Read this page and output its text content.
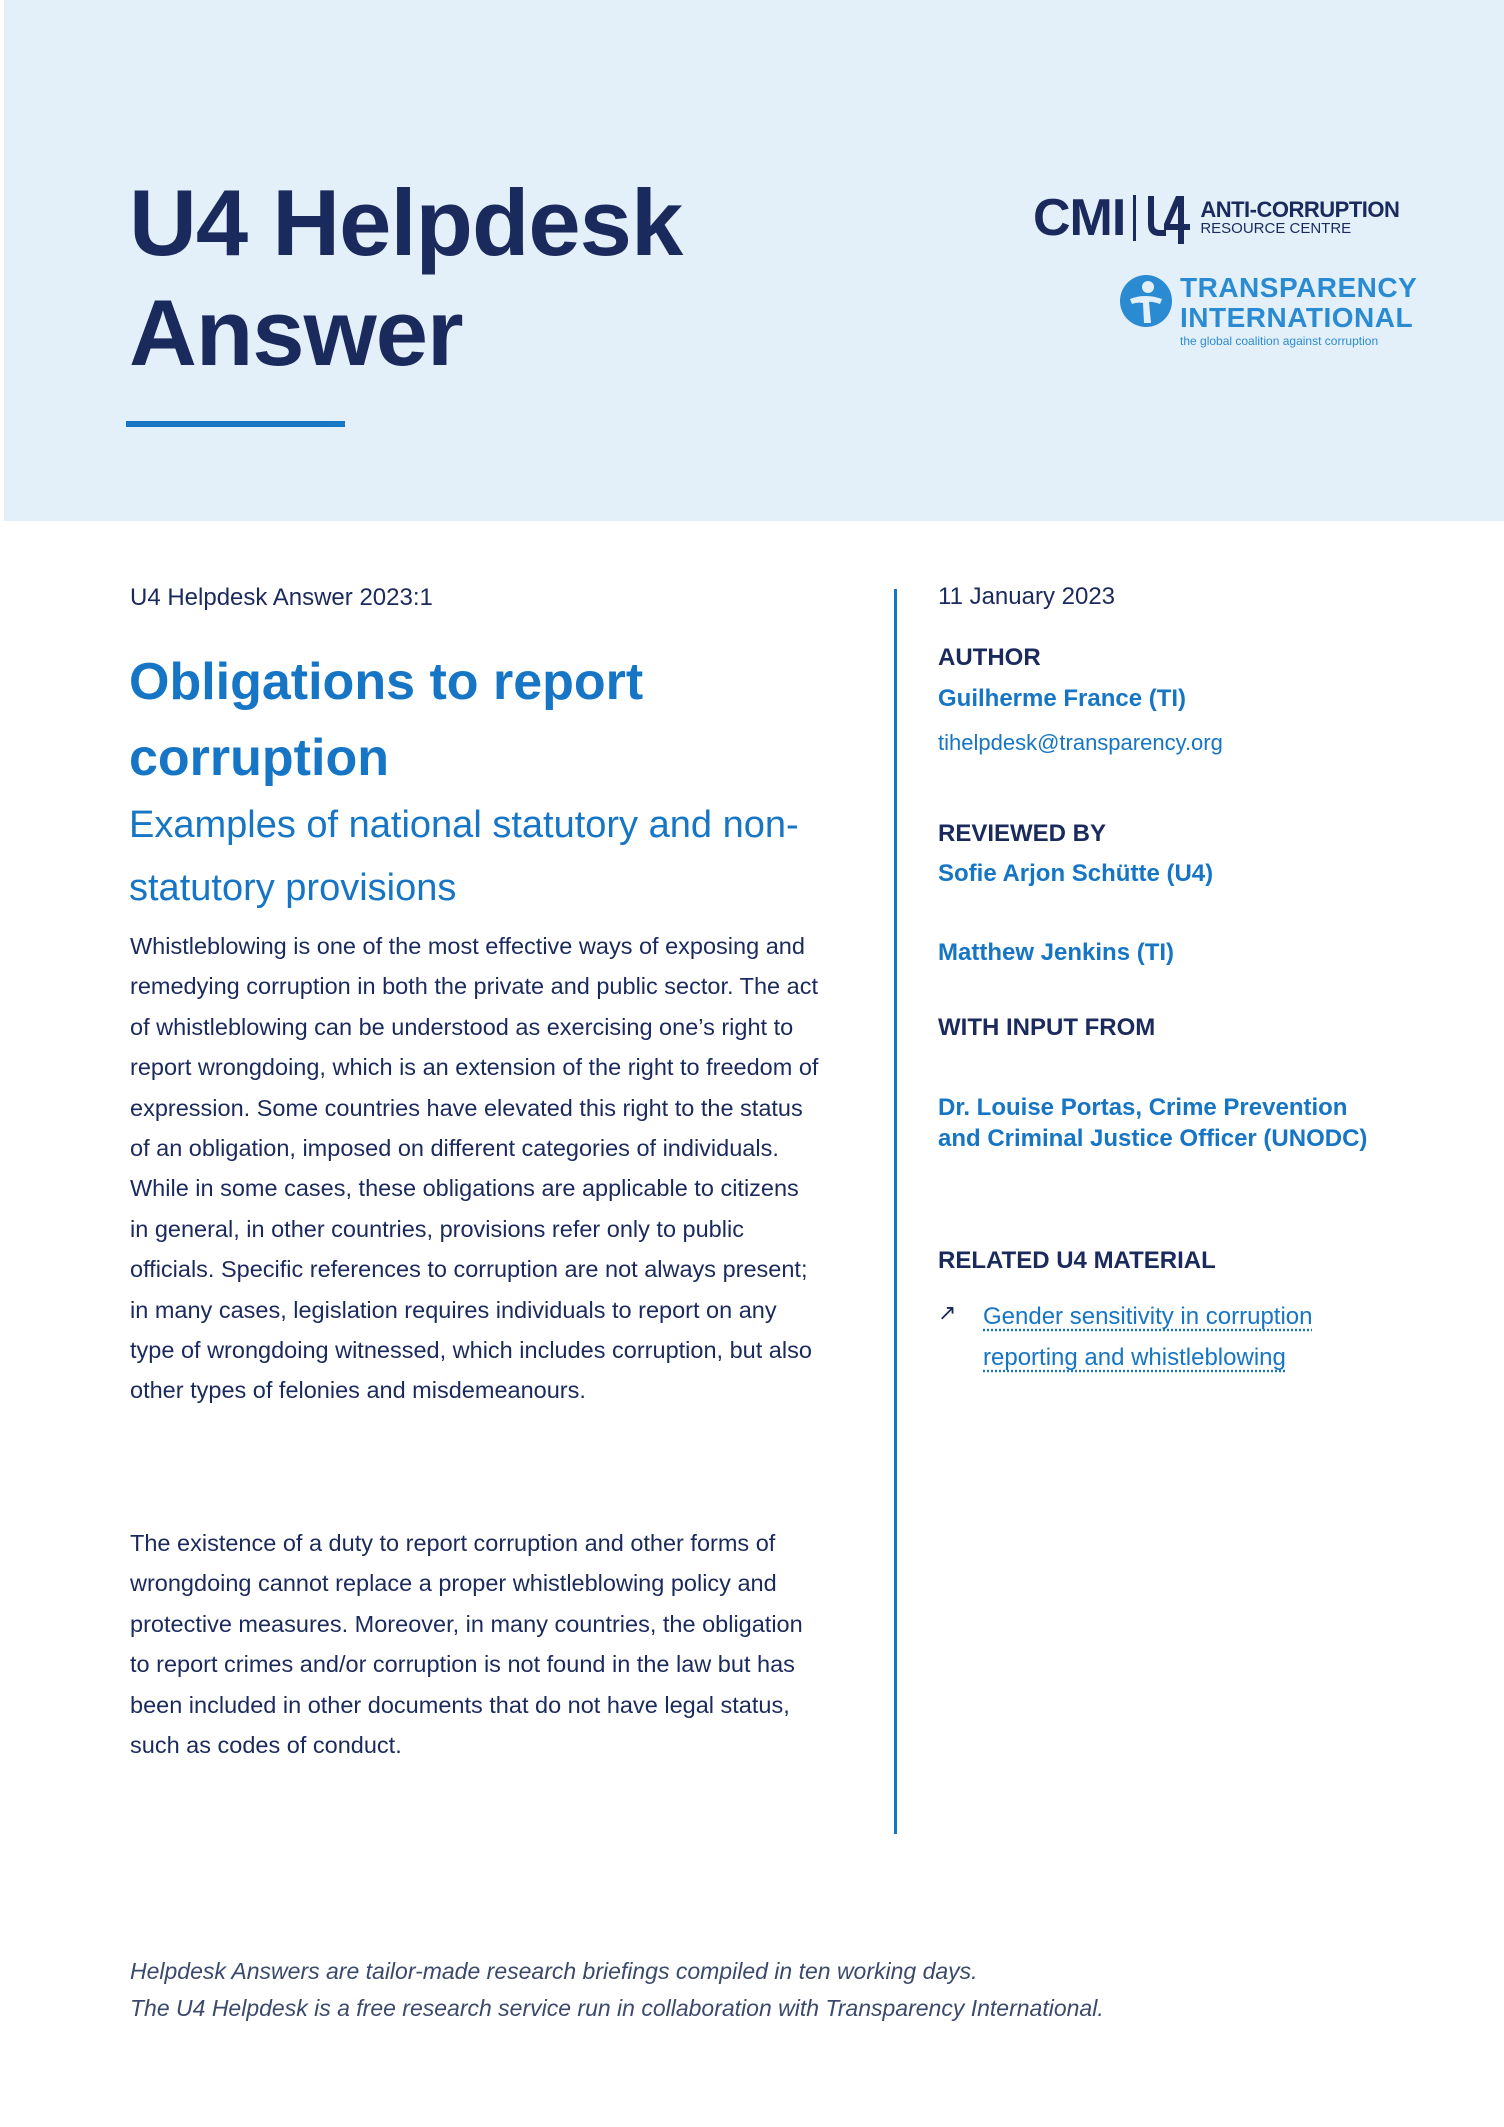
U4 Helpdesk
Answer
CMI	ANTI-CORRUPTION
RESOURCE CENTRE
TRANSPARENCY
INTERNATIONAL
the global coalition against corruption

U4 Helpdesk Answer 2023:1

Obligations to report corruption
Examples of national statutory and non-statutory provisions

Whistleblowing is one of the most effective ways of exposing and remedying corruption in both the private and public sector. The act of whistleblowing can be understood as exercising one’s right to report wrongdoing, which is an extension of the right to freedom of expression. Some countries have elevated this right to the status of an obligation, imposed on different categories of individuals. While in some cases, these obligations are applicable to citizens in general, in other countries, provisions refer only to public officials. Specific references to corruption are not always present; in many cases, legislation requires individuals to report on any type of wrongdoing witnessed, which includes corruption, but also other types of felonies and misdemeanours.

The existence of a duty to report corruption and other forms of wrongdoing cannot replace a proper whistleblowing policy and protective measures. Moreover, in many countries, the obligation to report crimes and/or corruption is not found in the law but has been included in other documents that do not have legal status, such as codes of conduct.

11 January 2023

AUTHOR

Guilherme France (TI)

tihelpdesk@transparency.org

REVIEWED BY

Sofie Arjon Schütte (U4)

Matthew Jenkins (TI)

WITH INPUT FROM

Dr. Louise Portas, Crime Prevention and Criminal Justice Officer (UNODC)

RELATED U4 MATERIAL

↗ Gender sensitivity in corruption reporting and whistleblowing

Helpdesk Answers are tailor-made research briefings compiled in ten working days.
The U4 Helpdesk is a free research service run in collaboration with Transparency International.
